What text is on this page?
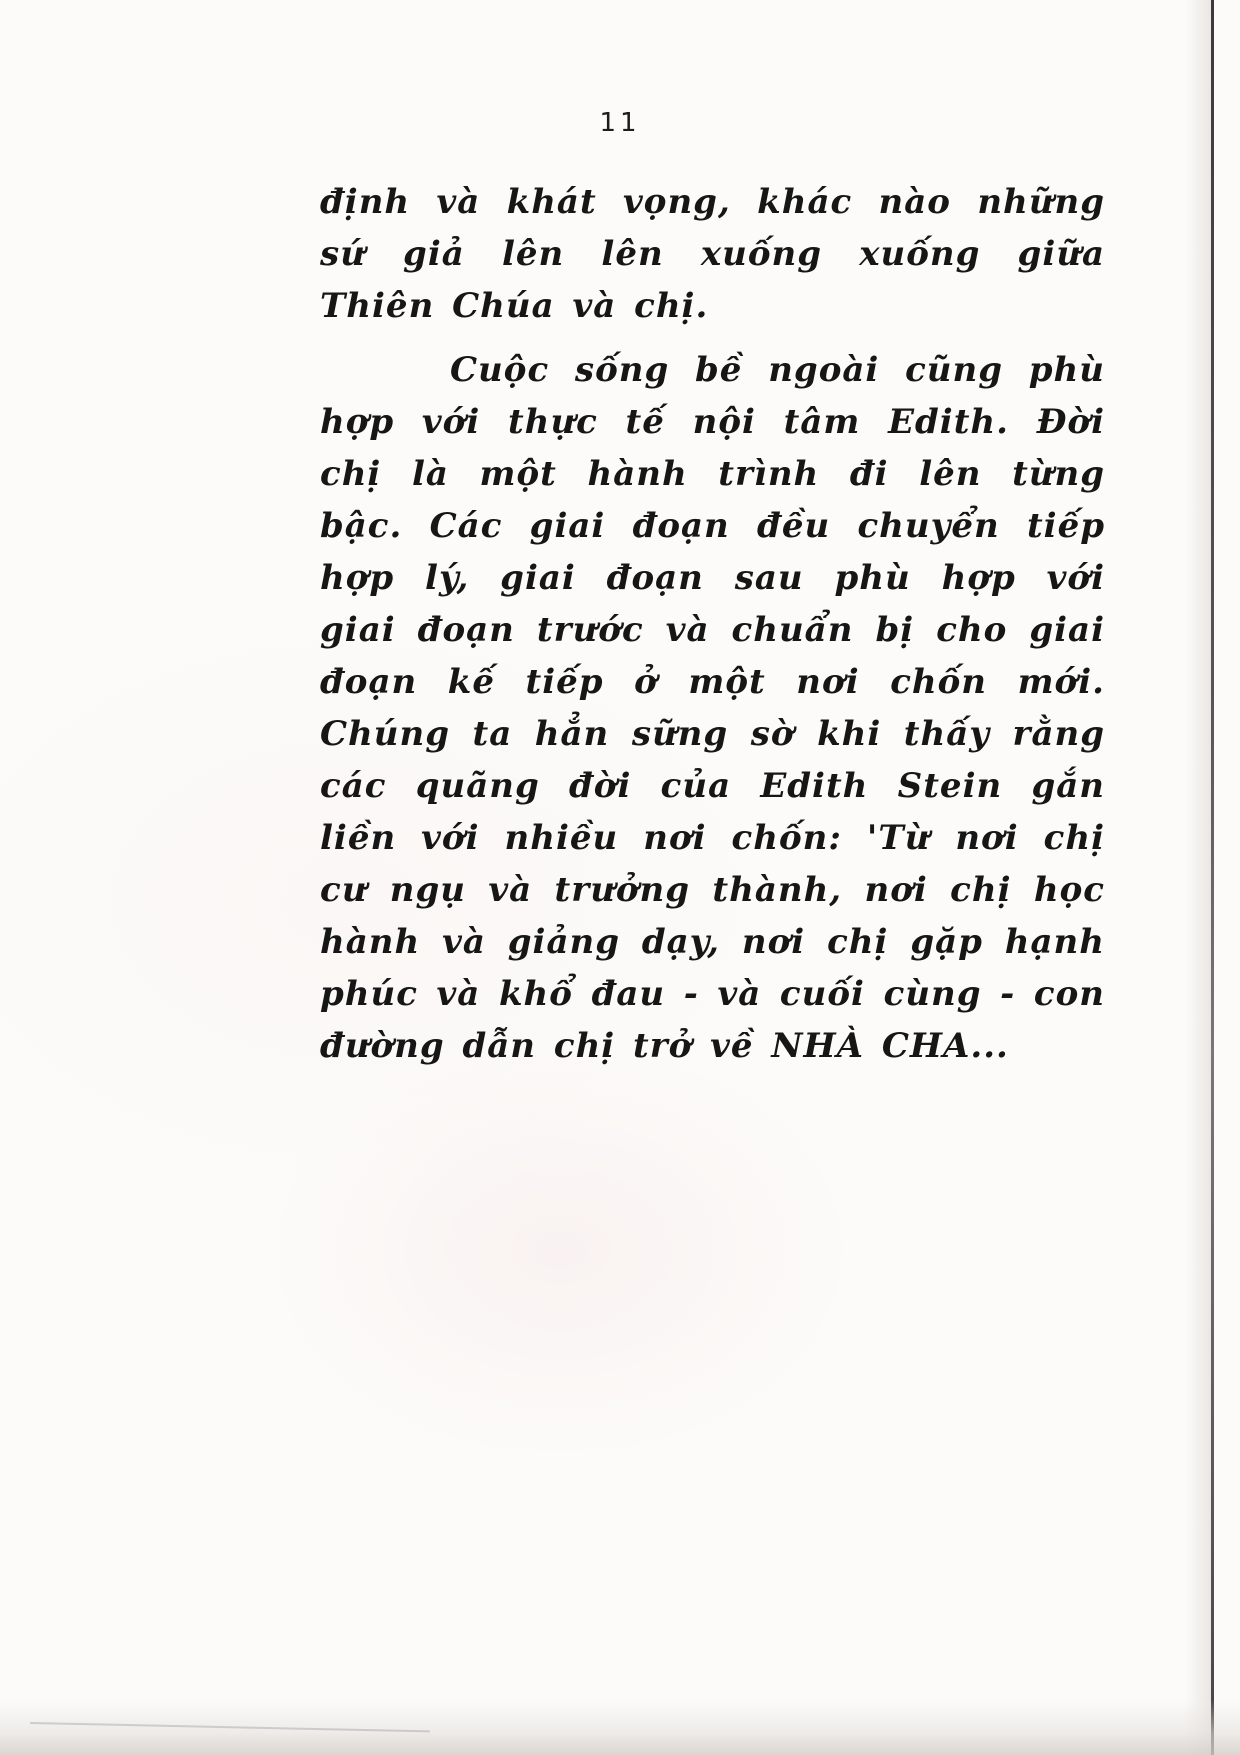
11

định và khát vọng, khác nào những sứ giả lên lên xuống xuống giữa Thiên Chúa và chị.

Cuộc sống bề ngoài cũng phù hợp với thực tế nội tâm Edith. Đời chị là một hành trình đi lên từng bậc. Các giai đoạn đều chuyển tiếp hợp lý, giai đoạn sau phù hợp với giai đoạn trước và chuẩn bị cho giai đoạn kế tiếp ở một nơi chốn mới. Chúng ta hẳn sững sờ khi thấy rằng các quãng đời của Edith Stein gắn liền với nhiều nơi chốn: 'Từ nơi chị cư ngụ và trưởng thành, nơi chị học hành và giảng dạy, nơi chị gặp hạnh phúc và khổ đau - và cuối cùng - con đường dẫn chị trở về NHÀ CHA...
